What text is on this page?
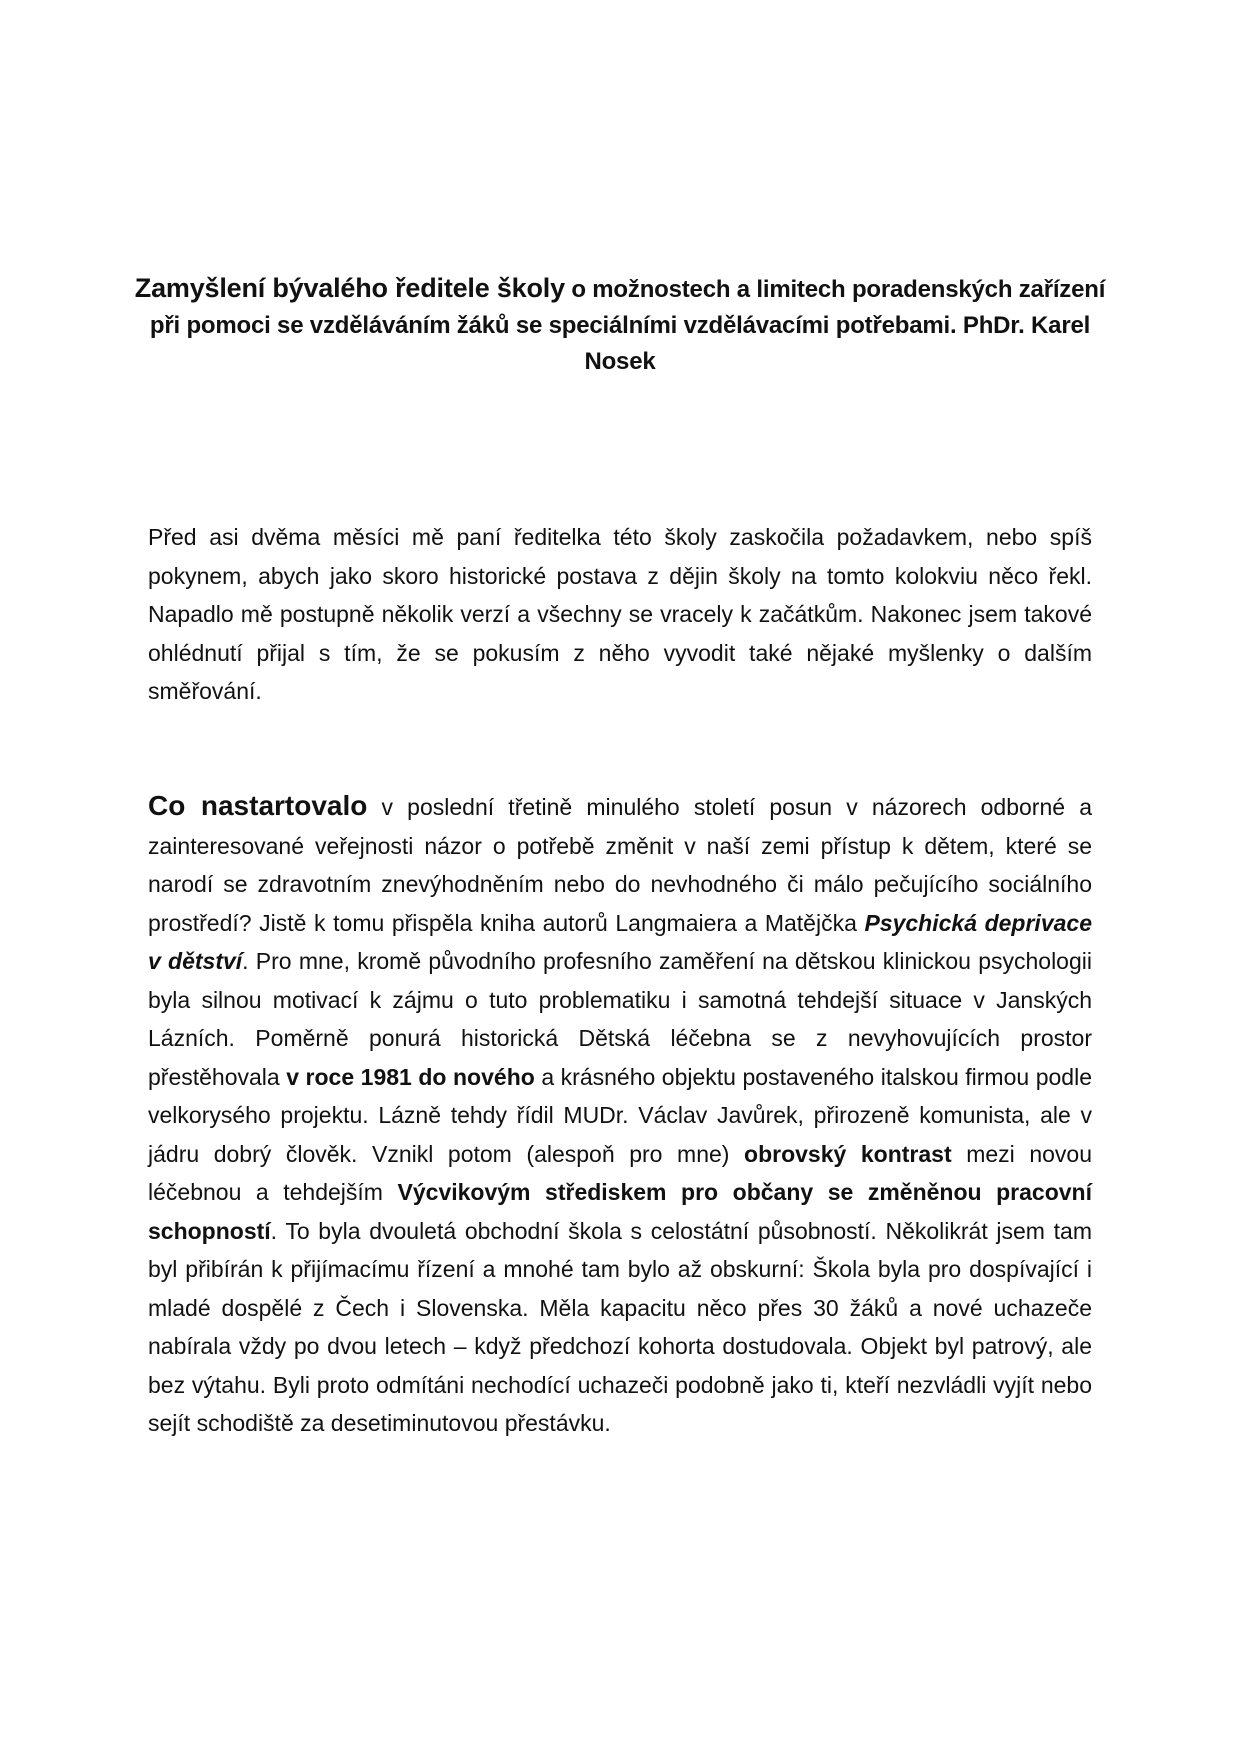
Zamyšlení bývalého ředitele školy o možnostech a limitech poradenských zařízení při pomoci se vzděláváním žáků se speciálními vzdělávacími potřebami. PhDr. Karel Nosek

Před asi dvěma měsíci mě paní ředitelka této školy zaskočila požadavkem, nebo spíš pokynem, abych jako skoro historické postava z dějin školy na tomto kolokviu něco řekl. Napadlo mě postupně několik verzí a všechny se vracely k začátkům. Nakonec jsem takové ohlédnutí přijal s tím, že se pokusím z něho vyvodit také nějaké myšlenky o dalším směřování.

Co nastartovalo v poslední třetině minulého století posun v názorech odborné a zainteresované veřejnosti názor o potřebě změnit v naší zemi přístup k dětem, které se narodí se zdravotním znevýhodněním nebo do nevhodného či málo pečujícího sociálního prostředí? Jistě k tomu přispěla kniha autorů Langmaiera a Matějčka Psychická deprivace v dětství. Pro mne, kromě původního profesního zaměření na dětskou klinickou psychologii byla silnou motivací k zájmu o tuto problematiku i samotná tehdejší situace v Janských Lázních. Poměrně ponurá historická Dětská léčebna se z nevyhovujících prostor přestěhovala v roce 1981 do nového a krásného objektu postaveného italskou firmou podle velkorysého projektu. Lázně tehdy řídil MUDr. Václav Javůrek, přirozeně komunista, ale v jádru dobrý člověk. Vznikl potom (alespoň pro mne) obrovský kontrast mezi novou léčebnou a tehdejším Výcvikovým střediskem pro občany se změněnou pracovní schopností. To byla dvouletá obchodní škola s celostátní působností. Několikrát jsem tam byl přibírán k přijímacímu řízení a mnohé tam bylo až obskurní: Škola byla pro dospívající i mladé dospělé z Čech i Slovenska. Měla kapacitu něco přes 30 žáků a nové uchazeče nabírala vždy po dvou letech – když předchozí kohorta dostudovala. Objekt byl patrový, ale bez výtahu. Byli proto odmítáni nechodící uchazeči podobně jako ti, kteří nezvládli vyjít nebo sejít schodiště za desetiminutovou přestávku.
